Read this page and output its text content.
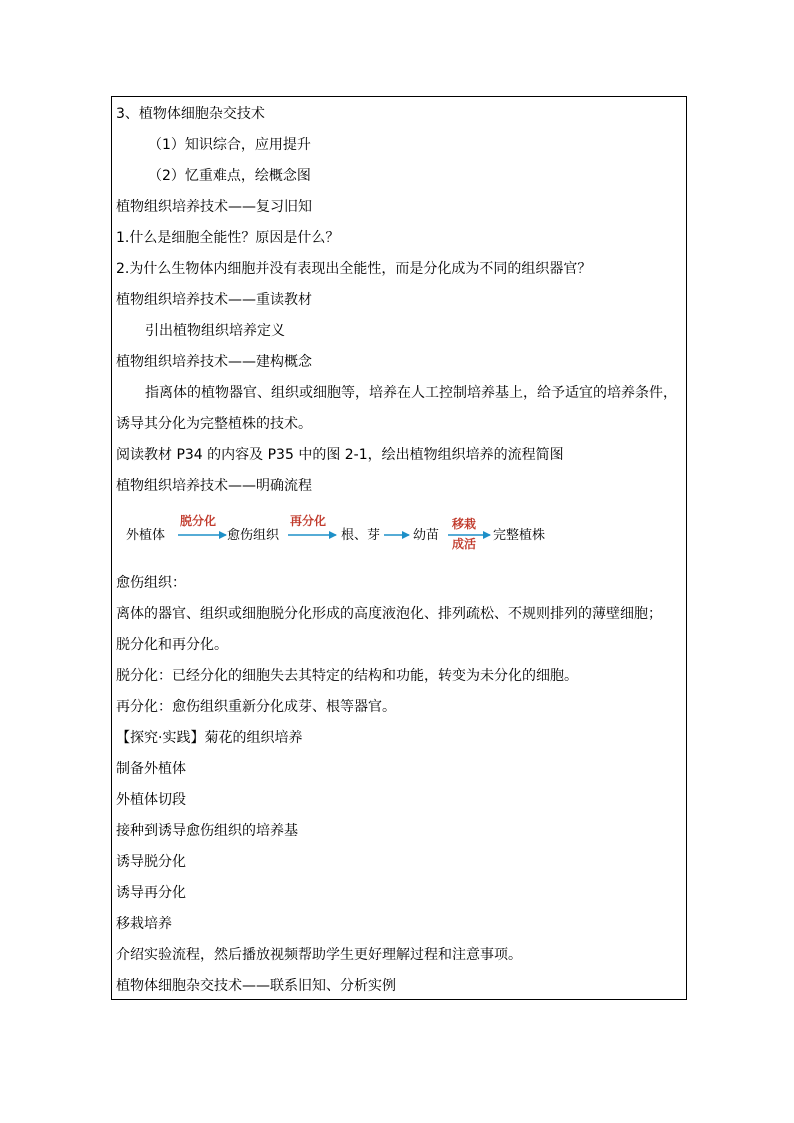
3、植物体细胞杂交技术
（1）知识综合，应用提升
（2）忆重难点，绘概念图
植物组织培养技术——复习旧知
1.什么是细胞全能性？原因是什么？
2.为什么生物体内细胞并没有表现出全能性，而是分化成为不同的组织器官？
植物组织培养技术——重读教材
引出植物组织培养定义
植物组织培养技术——建构概念
指离体的植物器官、组织或细胞等，培养在人工控制培养基上，给予适宜的培养条件，
诱导其分化为完整植株的技术。
阅读教材 P34 的内容及 P35 中的图 2-1，绘出植物组织培养的流程简图
植物组织培养技术——明确流程
外植体
脱分化
愈伤组织
再分化
根、芽	幼苗
移栽
成活
完整植株
愈伤组织：
离体的器官、组织或细胞脱分化形成的高度液泡化、排列疏松、不规则排列的薄壁细胞；
脱分化和再分化。
脱分化：已经分化的细胞失去其特定的结构和功能，转变为未分化的细胞。
再分化：愈伤组织重新分化成芽、根等器官。
【探究·实践】菊花的组织培养
制备外植体
外植体切段
接种到诱导愈伤组织的培养基
诱导脱分化
诱导再分化
移栽培养
介绍实验流程，然后播放视频帮助学生更好理解过程和注意事项。
植物体细胞杂交技术——联系旧知、分析实例
